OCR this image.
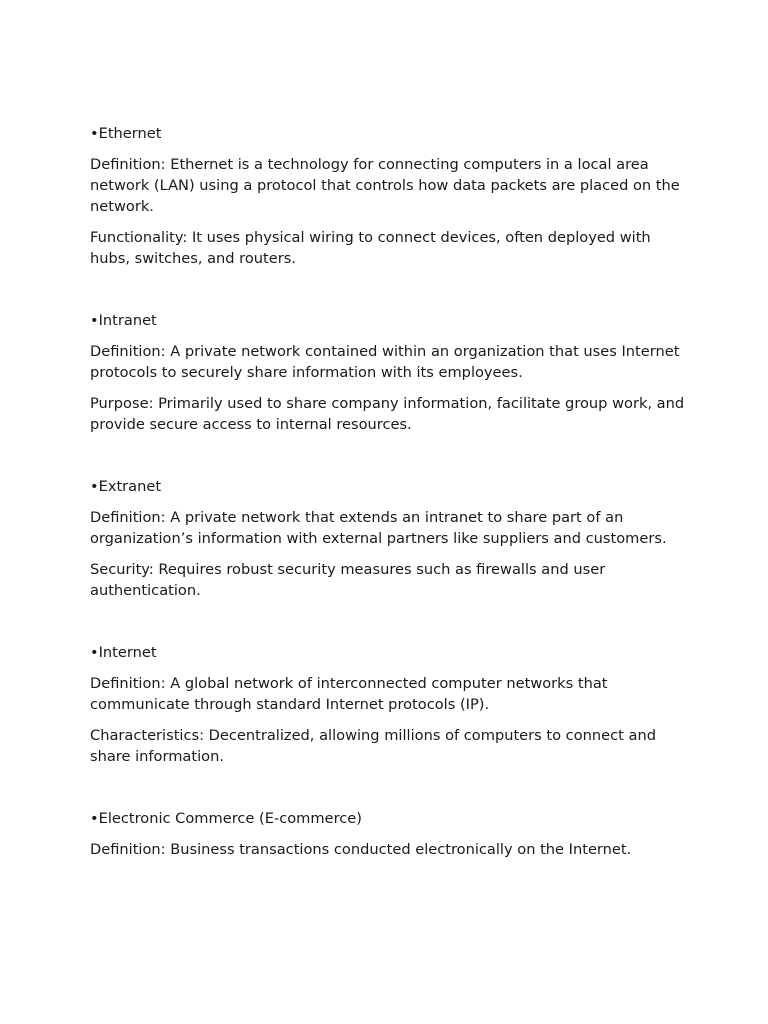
•Ethernet
Definition: Ethernet is a technology for connecting computers in a local area network (LAN) using a protocol that controls how data packets are placed on the network.
Functionality: It uses physical wiring to connect devices, often deployed with hubs, switches, and routers.
•Intranet
Definition: A private network contained within an organization that uses Internet protocols to securely share information with its employees.
Purpose: Primarily used to share company information, facilitate group work, and provide secure access to internal resources.
•Extranet
Definition: A private network that extends an intranet to share part of an organization’s information with external partners like suppliers and customers.
Security: Requires robust security measures such as firewalls and user authentication.
•Internet
Definition: A global network of interconnected computer networks that communicate through standard Internet protocols (IP).
Characteristics: Decentralized, allowing millions of computers to connect and share information.
•Electronic Commerce (E-commerce)
Definition: Business transactions conducted electronically on the Internet.
